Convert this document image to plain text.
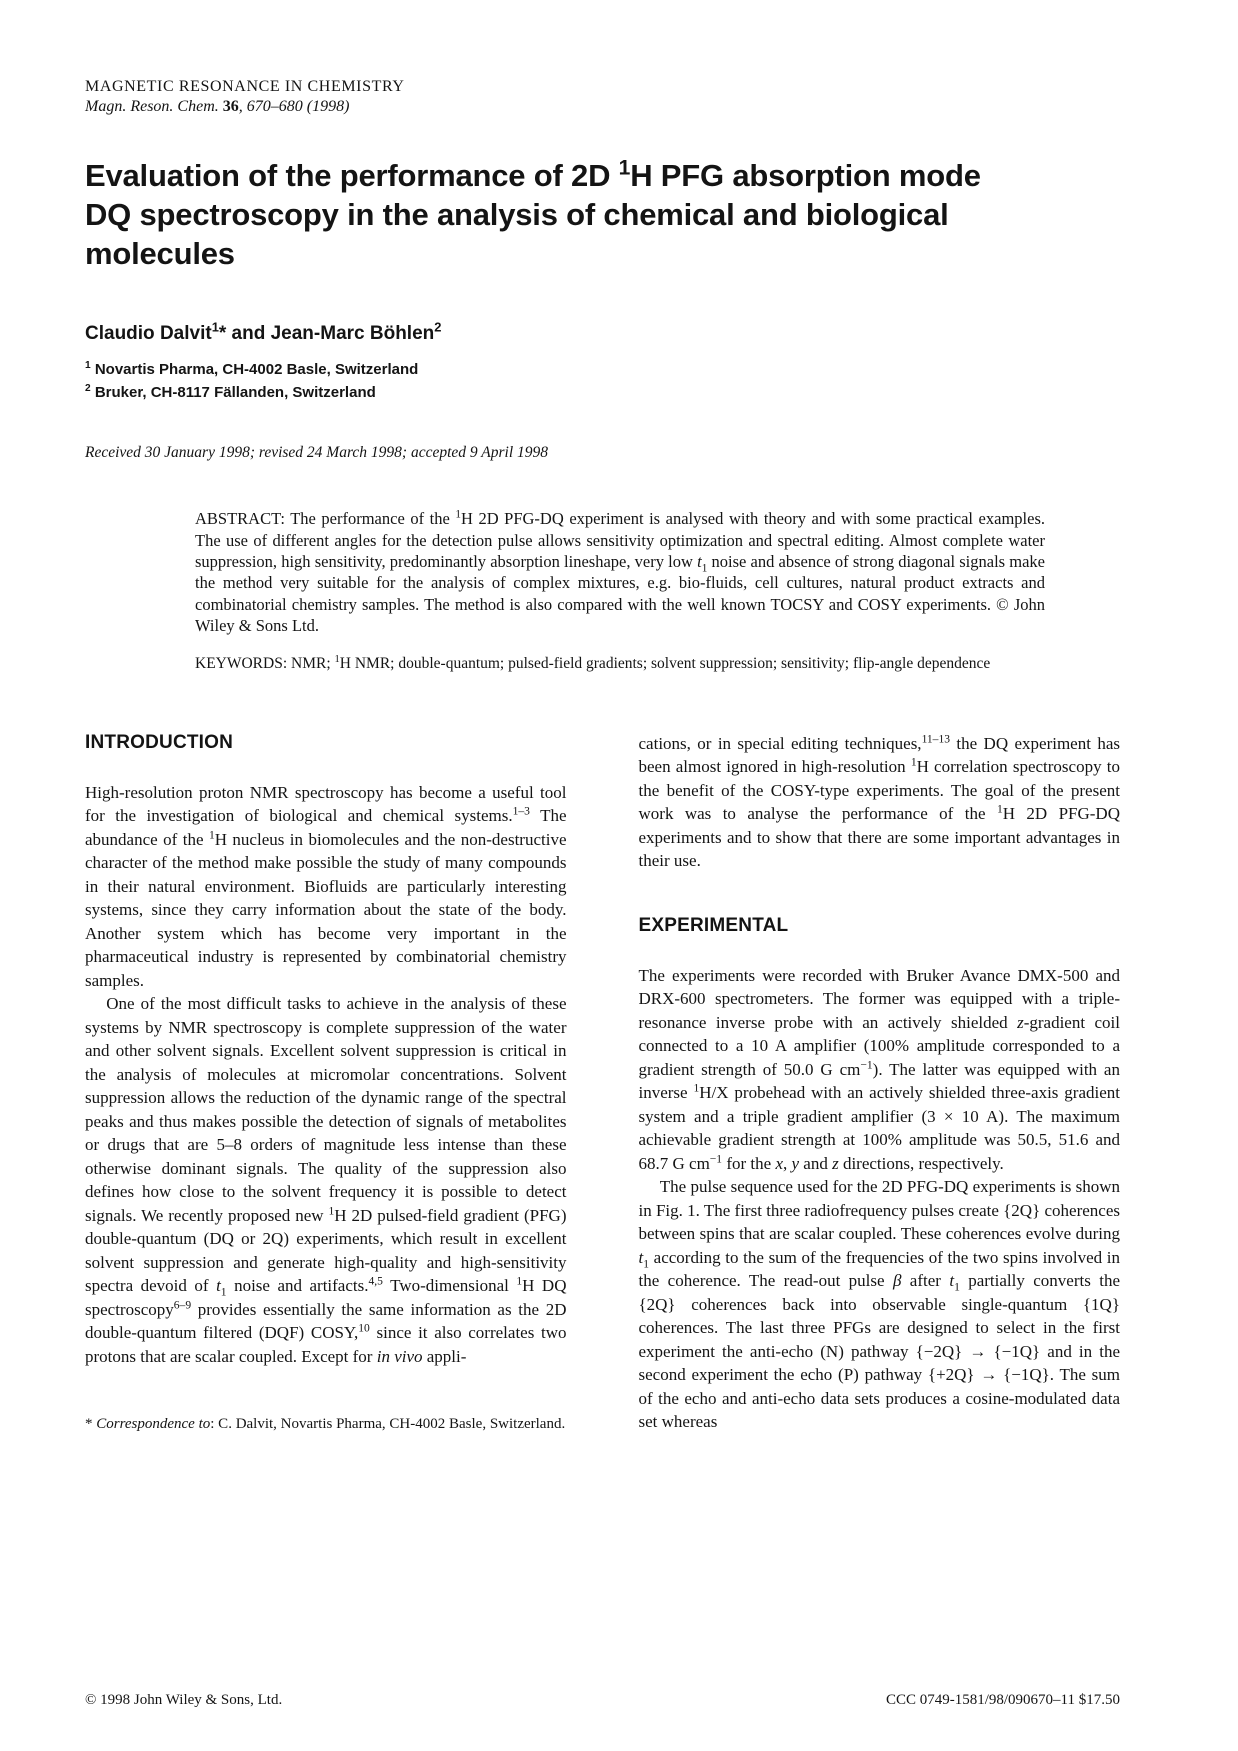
MAGNETIC RESONANCE IN CHEMISTRY
Magn. Reson. Chem. 36, 670–680 (1998)
Evaluation of the performance of 2D $^1$H PFG absorption mode DQ spectroscopy in the analysis of chemical and biological molecules
Claudio Dalvit$^1$* and Jean-Marc Böhlen$^2$
$^1$ Novartis Pharma, CH-4002 Basle, Switzerland
$^2$ Bruker, CH-8117 Fällanden, Switzerland
Received 30 January 1998; revised 24 March 1998; accepted 9 April 1998

ABSTRACT: The performance of the $^1$H 2D PFG-DQ experiment is analysed with theory and with some practical examples. The use of different angles for the detection pulse allows sensitivity optimization and spectral editing. Almost complete water suppression, high sensitivity, predominantly absorption lineshape, very low $t_1$ noise and absence of strong diagonal signals make the method very suitable for the analysis of complex mixtures, e.g. bio-fluids, cell cultures, natural product extracts and combinatorial chemistry samples. The method is also compared with the well known TOCSY and COSY experiments. © John Wiley & Sons Ltd.

KEYWORDS: NMR; $^1$H NMR; double-quantum; pulsed-field gradients; solvent suppression; sensitivity; flip-angle dependence

INTRODUCTION

High-resolution proton NMR spectroscopy has become a useful tool for the investigation of biological and chemical systems.$^{1-3}$ The abundance of the $^1$H nucleus in biomolecules and the non-destructive character of the method make possible the study of many compounds in their natural environment. Biofluids are particularly interesting systems, since they carry information about the state of the body. Another system which has become very important in the pharmaceutical industry is represented by combinatorial chemistry samples.

One of the most difficult tasks to achieve in the analysis of these systems by NMR spectroscopy is complete suppression of the water and other solvent signals. Excellent solvent suppression is critical in the analysis of molecules at micromolar concentrations. Solvent suppression allows the reduction of the dynamic range of the spectral peaks and thus makes possible the detection of signals of metabolites or drugs that are 5–8 orders of magnitude less intense than these otherwise dominant signals. The quality of the suppression also defines how close to the solvent frequency it is possible to detect signals. We recently proposed new $^1$H 2D pulsed-field gradient (PFG) double-quantum (DQ or 2Q) experiments, which result in excellent solvent suppression and generate high-quality and high-sensitivity spectra devoid of $t_1$ noise and artifacts.$^{4,5}$ Two-dimensional $^1$H DQ spectroscopy$^{6-9}$ provides essentially the same information as the 2D double-quantum filtered (DQF) COSY,$^{10}$ since it also correlates two protons that are scalar coupled. Except for in vivo appli-

* Correspondence to: C. Dalvit, Novartis Pharma, CH-4002 Basle, Switzerland.

cations, or in special editing techniques,$^{11-13}$ the DQ experiment has been almost ignored in high-resolution $^1$H correlation spectroscopy to the benefit of the COSY-type experiments. The goal of the present work was to analyse the performance of the $^1$H 2D PFG-DQ experiments and to show that there are some important advantages in their use.

EXPERIMENTAL

The experiments were recorded with Bruker Avance DMX-500 and DRX-600 spectrometers. The former was equipped with a triple-resonance inverse probe with an actively shielded z-gradient coil connected to a 10 A amplifier (100% amplitude corresponded to a gradient strength of 50.0 G $cm^{-1}$). The latter was equipped with an inverse $^1$H/X probehead with an actively shielded three-axis gradient system and a triple gradient amplifier (3 × 10 A). The maximum achievable gradient strength at 100% amplitude was 50.5, 51.6 and 68.7 G $cm^{-1}$ for the x, y and z directions, respectively.

The pulse sequence used for the 2D PFG-DQ experiments is shown in Fig. 1. The first three radiofrequency pulses create {2Q} coherences between spins that are scalar coupled. These coherences evolve during $t_1$ according to the sum of the frequencies of the two spins involved in the coherence. The read-out pulse β after $t_1$ partially converts the {2Q} coherences back into observable single-quantum {1Q} coherences. The last three PFGs are designed to select in the first experiment the anti-echo (N) pathway {−2Q} → {−1Q} and in the second experiment the echo (P) pathway {+2Q} → {−1Q}. The sum of the echo and anti-echo data sets produces a cosine-modulated data set whereas

© 1998 John Wiley & Sons, Ltd.	CCC 0749-1581/98/090670–11 $17.50
